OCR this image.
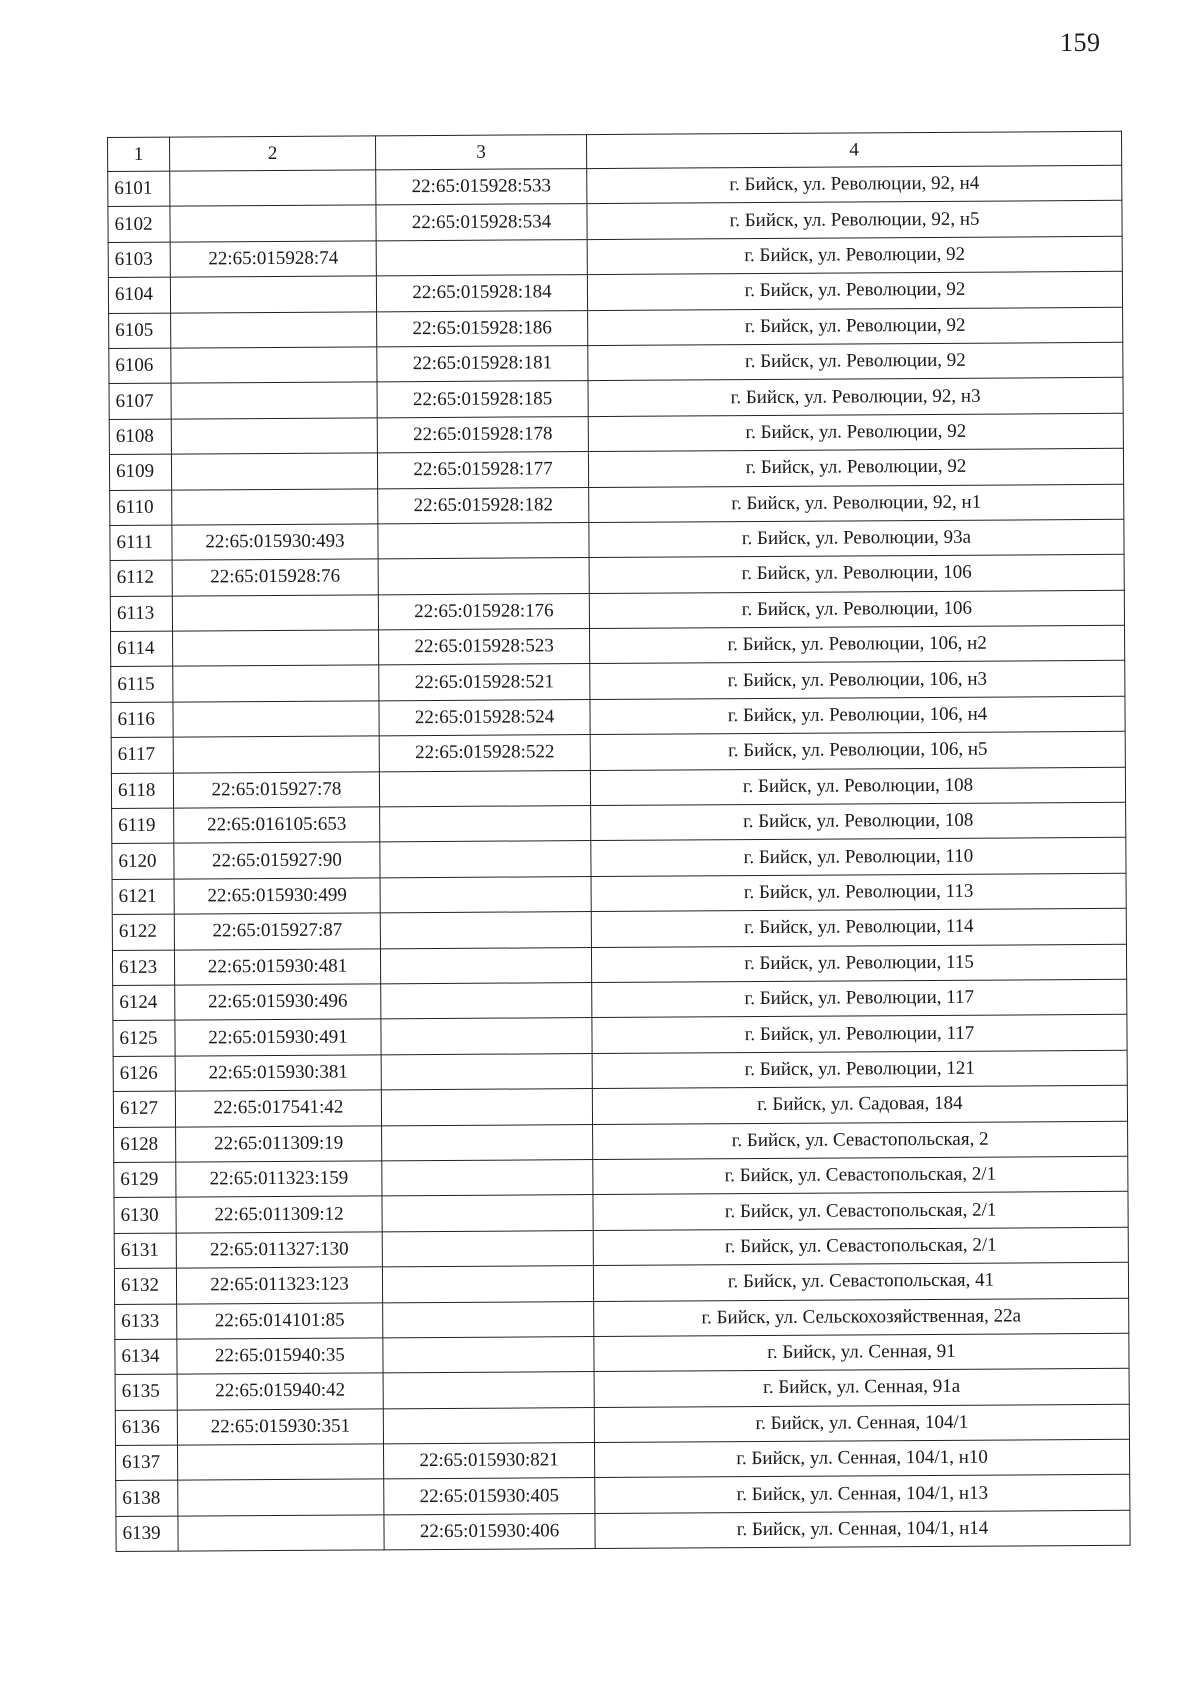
159
1	2	3	4
6101		22:65:015928:533	г. Бийск, ул. Революции, 92, н4
6102		22:65:015928:534	г. Бийск, ул. Революции, 92, н5
6103	22:65:015928:74		г. Бийск, ул. Революции, 92
6104		22:65:015928:184	г. Бийск, ул. Революции, 92
6105		22:65:015928:186	г. Бийск, ул. Революции, 92
6106		22:65:015928:181	г. Бийск, ул. Революции, 92
6107		22:65:015928:185	г. Бийск, ул. Революции, 92, н3
6108		22:65:015928:178	г. Бийск, ул. Революции, 92
6109		22:65:015928:177	г. Бийск, ул. Революции, 92
6110		22:65:015928:182	г. Бийск, ул. Революции, 92, н1
6111	22:65:015930:493		г. Бийск, ул. Революции, 93а
6112	22:65:015928:76		г. Бийск, ул. Революции, 106
6113		22:65:015928:176	г. Бийск, ул. Революции, 106
6114		22:65:015928:523	г. Бийск, ул. Революции, 106, н2
6115		22:65:015928:521	г. Бийск, ул. Революции, 106, н3
6116		22:65:015928:524	г. Бийск, ул. Революции, 106, н4
6117		22:65:015928:522	г. Бийск, ул. Революции, 106, н5
6118	22:65:015927:78		г. Бийск, ул. Революции, 108
6119	22:65:016105:653		г. Бийск, ул. Революции, 108
6120	22:65:015927:90		г. Бийск, ул. Революции, 110
6121	22:65:015930:499		г. Бийск, ул. Революции, 113
6122	22:65:015927:87		г. Бийск, ул. Революции, 114
6123	22:65:015930:481		г. Бийск, ул. Революции, 115
6124	22:65:015930:496		г. Бийск, ул. Революции, 117
6125	22:65:015930:491		г. Бийск, ул. Революции, 117
6126	22:65:015930:381		г. Бийск, ул. Революции, 121
6127	22:65:017541:42		г. Бийск, ул. Садовая, 184
6128	22:65:011309:19		г. Бийск, ул. Севастопольская, 2
6129	22:65:011323:159		г. Бийск, ул. Севастопольская, 2/1
6130	22:65:011309:12		г. Бийск, ул. Севастопольская, 2/1
6131	22:65:011327:130		г. Бийск, ул. Севастопольская, 2/1
6132	22:65:011323:123		г. Бийск, ул. Севастопольская, 41
6133	22:65:014101:85		г. Бийск, ул. Сельскохозяйственная, 22а
6134	22:65:015940:35		г. Бийск, ул. Сенная, 91
6135	22:65:015940:42		г. Бийск, ул. Сенная, 91а
6136	22:65:015930:351		г. Бийск, ул. Сенная, 104/1
6137		22:65:015930:821	г. Бийск, ул. Сенная, 104/1, н10
6138		22:65:015930:405	г. Бийск, ул. Сенная, 104/1, н13
6139		22:65:015930:406	г. Бийск, ул. Сенная, 104/1, н14
